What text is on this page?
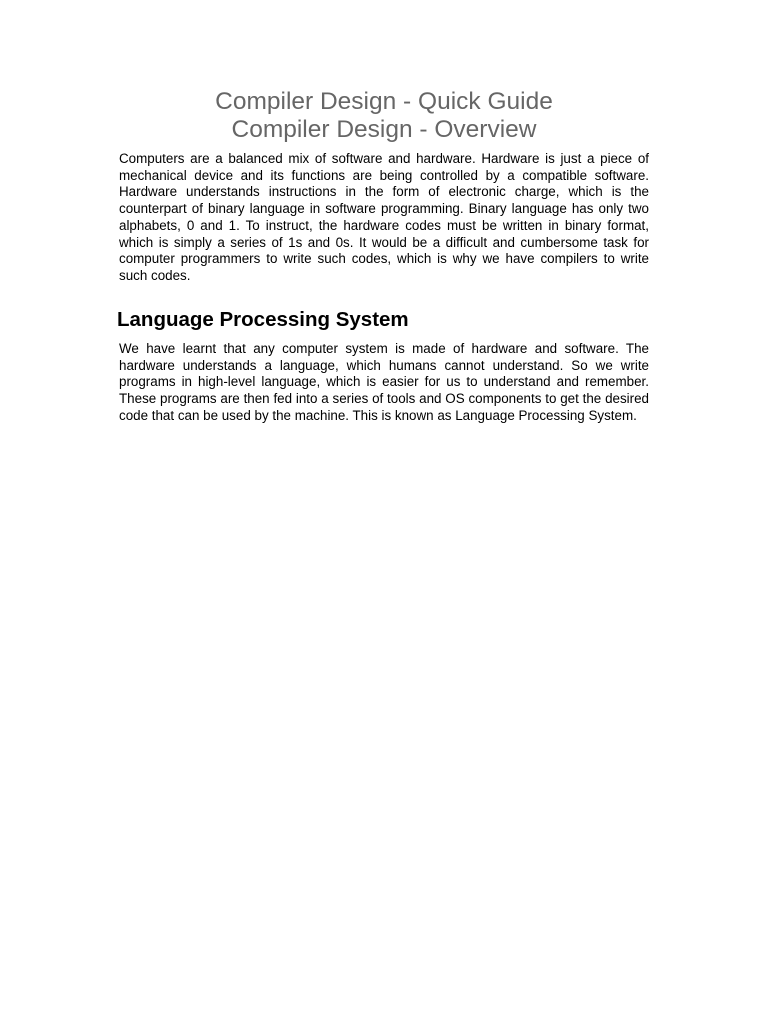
Compiler Design - Quick Guide
Compiler Design - Overview

Computers are a balanced mix of software and hardware. Hardware is just a piece of mechanical device and its functions are being controlled by a compatible software. Hardware understands instructions in the form of electronic charge, which is the counterpart of binary language in software programming. Binary language has only two alphabets, 0 and 1. To instruct, the hardware codes must be written in binary format, which is simply a series of 1s and 0s. It would be a difficult and cumbersome task for computer programmers to write such codes, which is why we have compilers to write such codes.

Language Processing System

We have learnt that any computer system is made of hardware and software. The hardware understands a language, which humans cannot understand. So we write programs in high-level language, which is easier for us to understand and remember. These programs are then fed into a series of tools and OS components to get the desired code that can be used by the machine. This is known as Language Processing System.
